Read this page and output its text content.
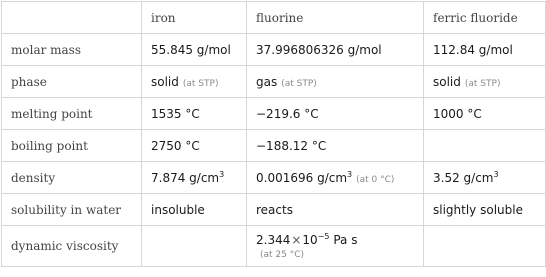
	iron	fluorine	ferric fluoride
molar mass	55.845 g/mol	37.996806326 g/mol	112.84 g/mol
phase	solid (at STP)	gas (at STP)	solid (at STP)
melting point	1535 °C	−219.6 °C	1000 °C
boiling point	2750 °C	−188.12 °C	
density	7.874 $g/cm^3$	0.001696 $g/cm^3(at$ 0 °C)	3.52 $g/cm^3$
solubility in water	insoluble	reacts	slightly soluble
dynamic viscosity		$2.344\times 10^{-5}$ Pa s
(at 25 °C)	
